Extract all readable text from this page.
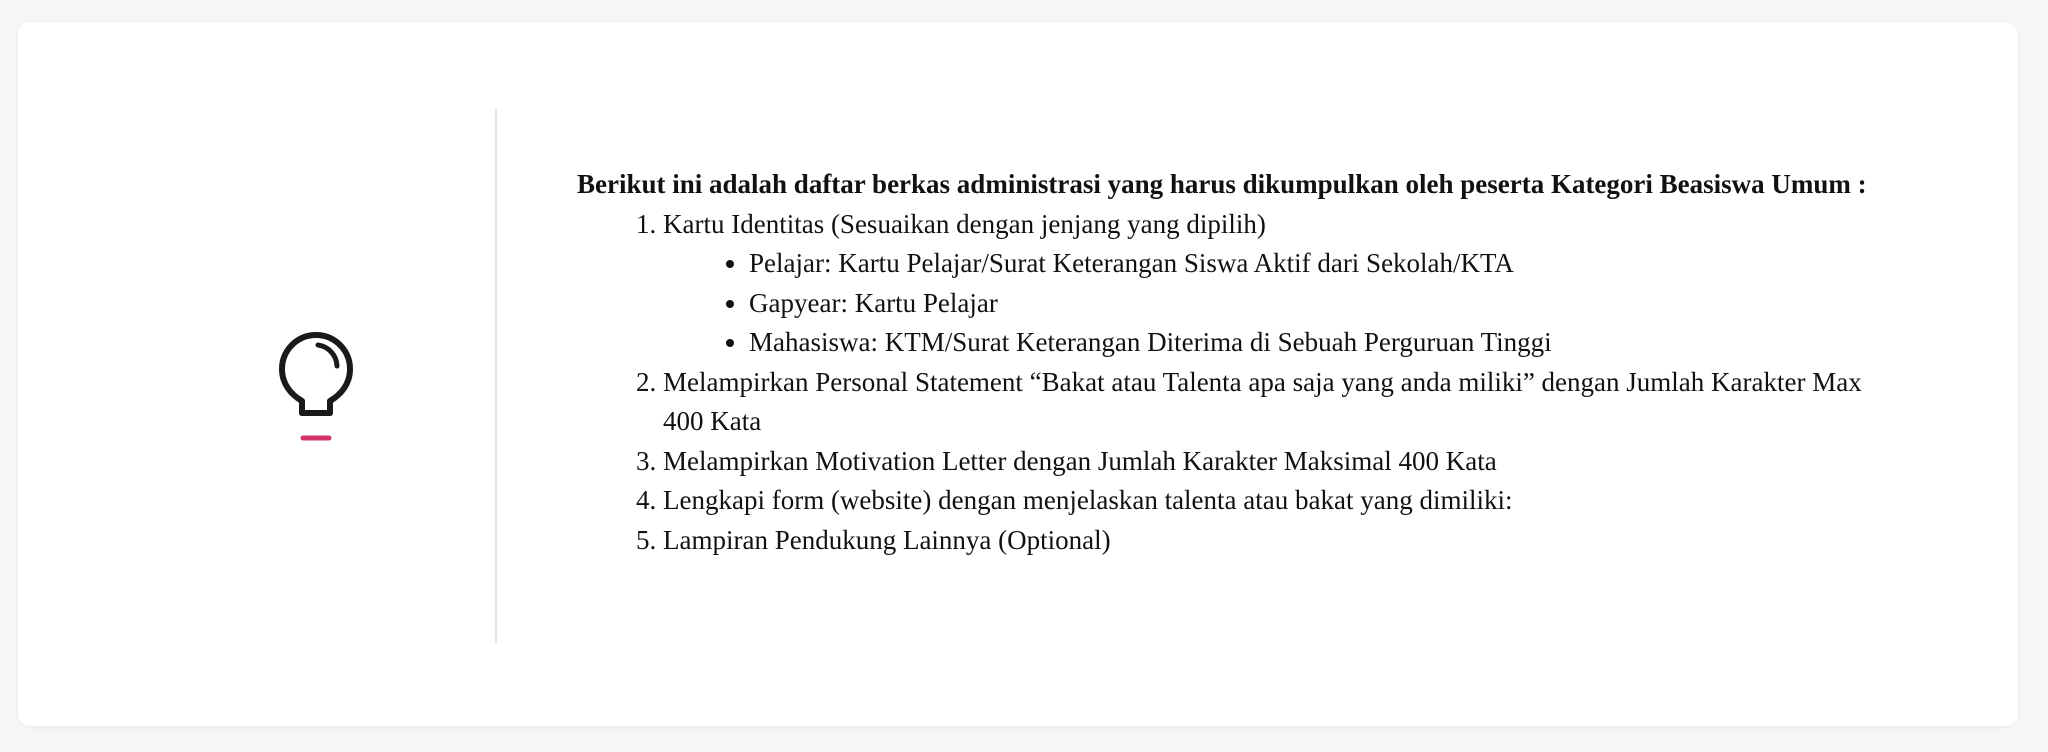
Berikut ini adalah daftar berkas administrasi yang harus dikumpulkan oleh peserta Kategori Beasiswa Umum :

1. Kartu Identitas (Sesuaikan dengan jenjang yang dipilih)
• Pelajar: Kartu Pelajar/Surat Keterangan Siswa Aktif dari Sekolah/KTA
• Gapyear: Kartu Pelajar
• Mahasiswa: KTM/Surat Keterangan Diterima di Sebuah Perguruan Tinggi
2. Melampirkan Personal Statement “Bakat atau Talenta apa saja yang anda miliki” dengan Jumlah Karakter Max 400 Kata
3. Melampirkan Motivation Letter dengan Jumlah Karakter Maksimal 400 Kata
4. Lengkapi form (website) dengan menjelaskan talenta atau bakat yang dimiliki:
5. Lampiran Pendukung Lainnya (Optional)
